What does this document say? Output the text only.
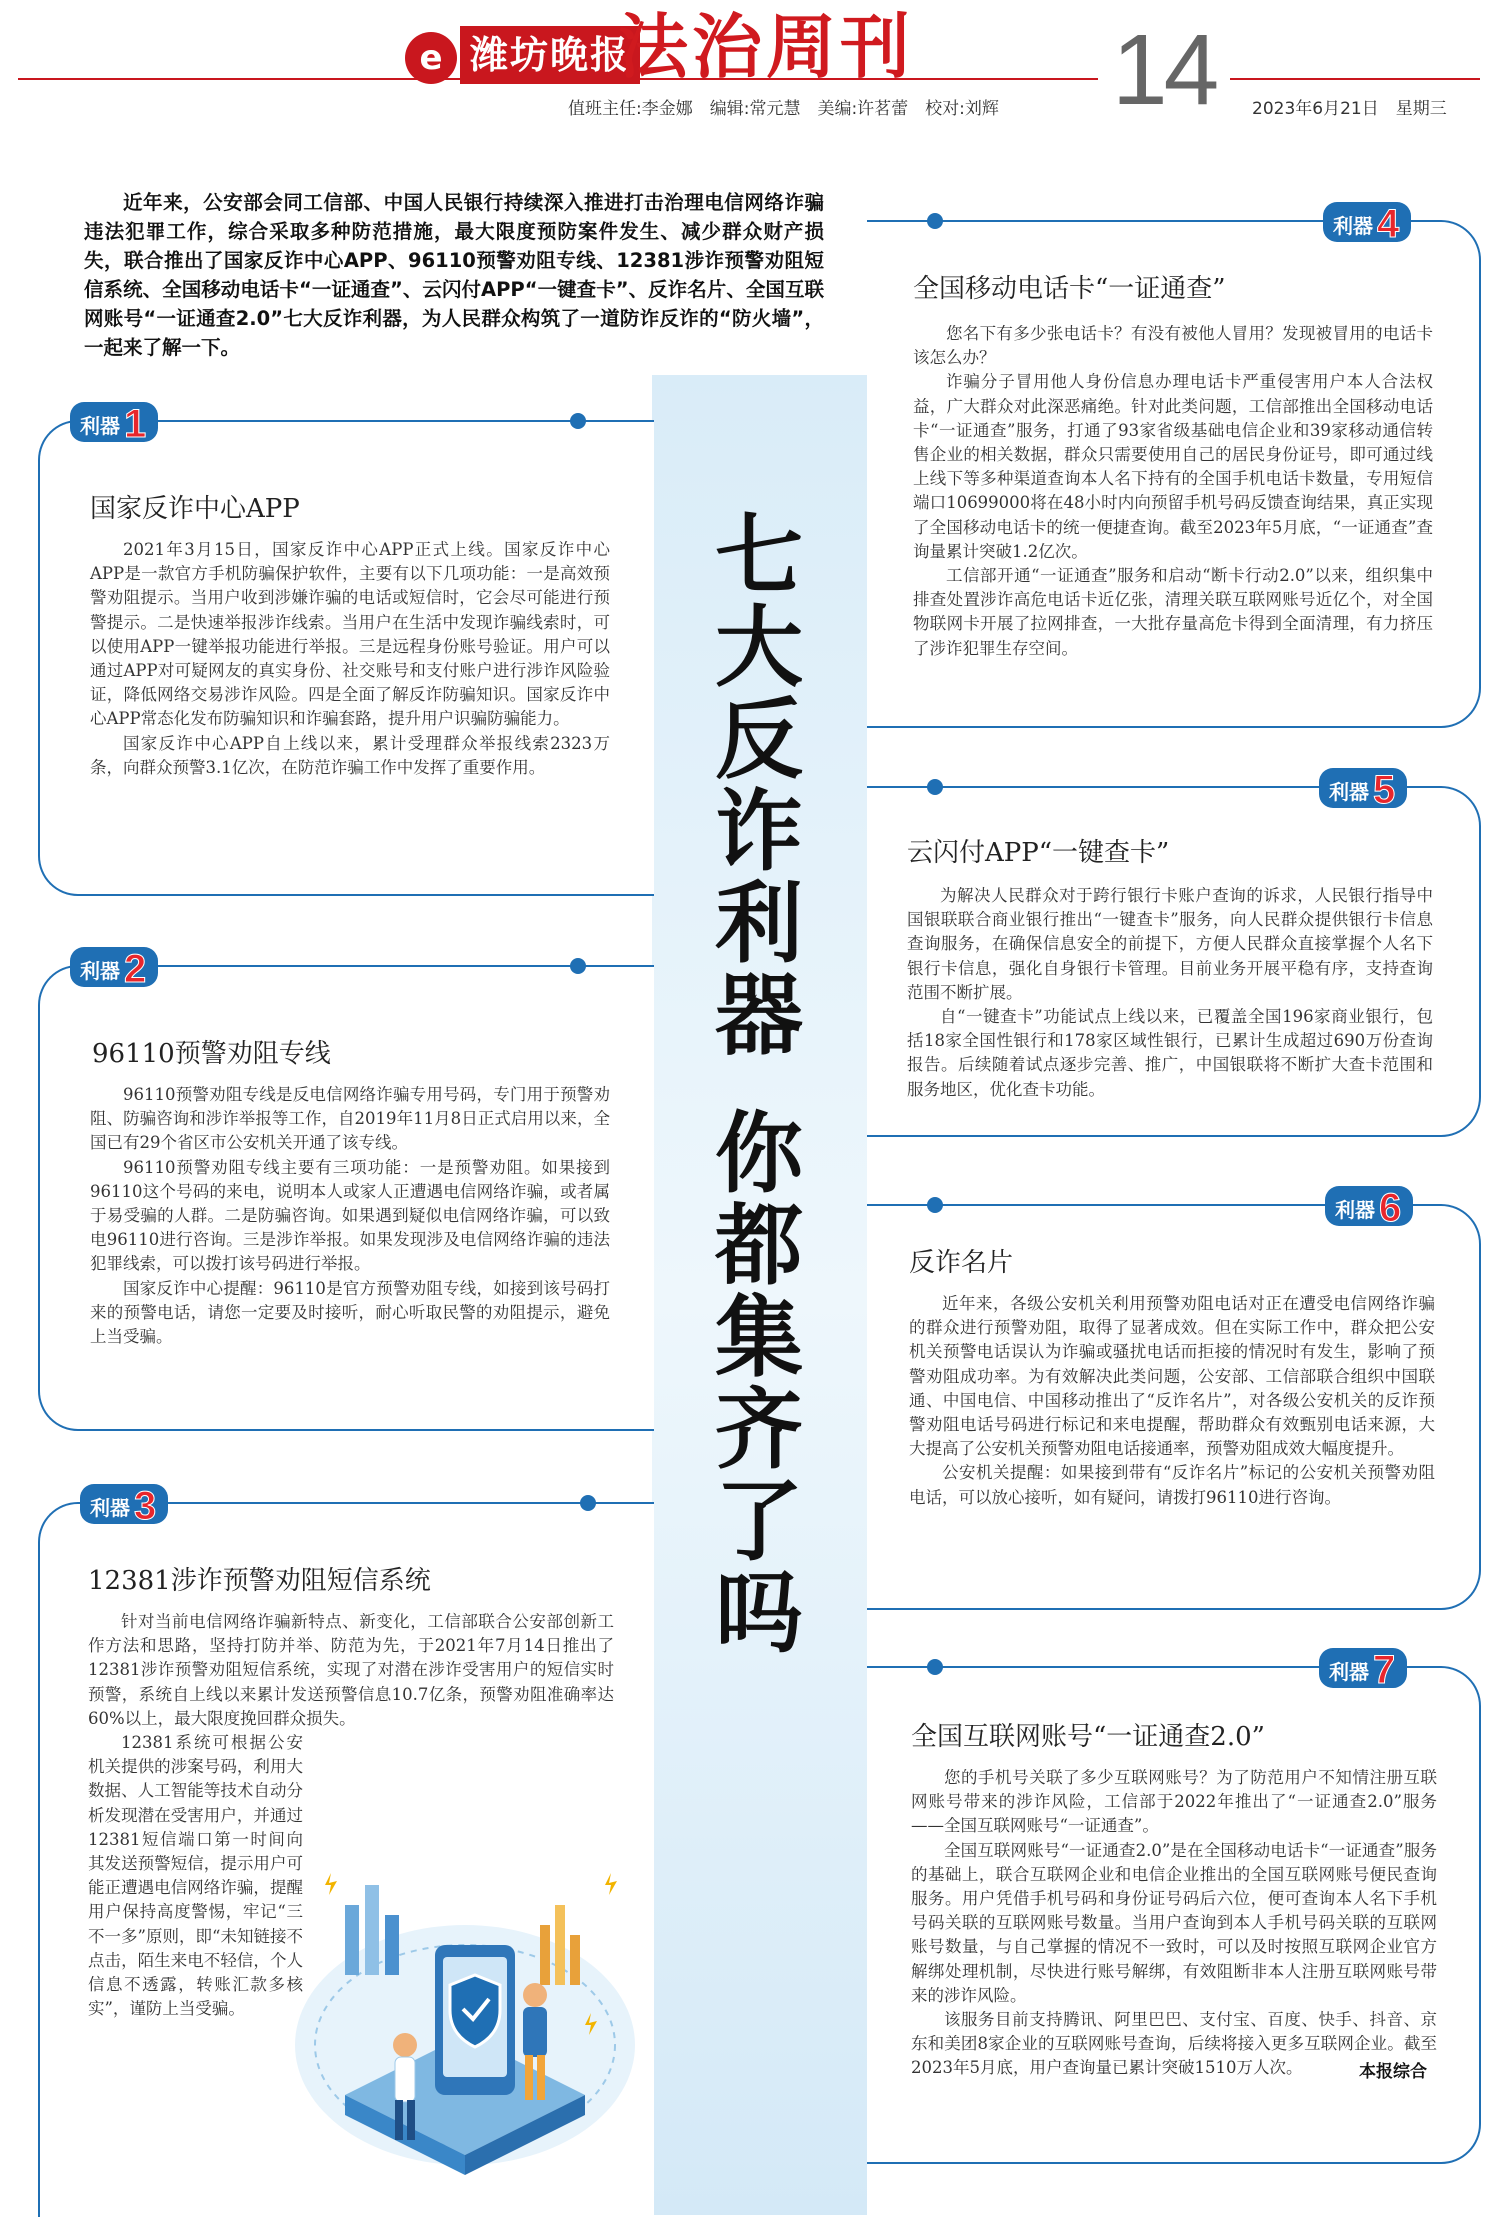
e 潍坊晚报
法治周刊 14
值班主任:李金娜　编辑:常元慧　美编:许茗蕾　校对:刘辉	2023年6月21日　星期三

近年来，公安部会同工信部、中国人民银行持续深入推进打击治理电信网络诈骗违法犯罪工作，综合采取多种防范措施，最大限度预防案件发生、减少群众财产损失，联合推出了国家反诈中心APP、96110预警劝阻专线、12381涉诈预警劝阻短信系统、全国移动电话卡“一证通查”、云闪付APP“一键查卡”、反诈名片、全国互联网账号“一证通查2.0”七大反诈利器，为人民群众构筑了一道防诈反诈的“防火墙”，一起来了解一下。

七
大
反
诈
利
器
你
都
集
齐
了
吗
利器 1
国家反诈中心APP

2021年3月15日，国家反诈中心APP正式上线。国家反诈中心APP是一款官方手机防骗保护软件，主要有以下几项功能：一是高效预警劝阻提示。当用户收到涉嫌诈骗的电话或短信时，它会尽可能进行预警提示。二是快速举报涉诈线索。当用户在生活中发现诈骗线索时，可以使用APP一键举报功能进行举报。三是远程身份账号验证。用户可以通过APP对可疑网友的真实身份、社交账号和支付账户进行涉诈风险验证，降低网络交易涉诈风险。四是全面了解反诈防骗知识。国家反诈中心APP常态化发布防骗知识和诈骗套路，提升用户识骗防骗能力。

国家反诈中心APP自上线以来，累计受理群众举报线索2323万条，向群众预警3.1亿次，在防范诈骗工作中发挥了重要作用。

利器 2
96110预警劝阻专线

96110预警劝阻专线是反电信网络诈骗专用号码，专门用于预警劝阻、防骗咨询和涉诈举报等工作，自2019年11月8日正式启用以来，全国已有29个省区市公安机关开通了该专线。

96110预警劝阻专线主要有三项功能：一是预警劝阻。如果接到96110这个号码的来电，说明本人或家人正遭遇电信网络诈骗，或者属于易受骗的人群。二是防骗咨询。如果遇到疑似电信网络诈骗，可以致电96110进行咨询。三是涉诈举报。如果发现涉及电信网络诈骗的违法犯罪线索，可以拨打该号码进行举报。

国家反诈中心提醒：96110是官方预警劝阻专线，如接到该号码打来的预警电话，请您一定要及时接听，耐心听取民警的劝阻提示，避免上当受骗。

利器 3
12381涉诈预警劝阻短信系统

针对当前电信网络诈骗新特点、新变化，工信部联合公安部创新工作方法和思路，坚持打防并举、防范为先，于2021年7月14日推出了12381涉诈预警劝阻短信系统，实现了对潜在涉诈受害用户的短信实时预警，系统自上线以来累计发送预警信息10.7亿条，预警劝阻准确率达60%以上，最大限度挽回群众损失。

12381系统可根据公安机关提供的涉案号码，利用大数据、人工智能等技术自动分析发现潜在受害用户，并通过12381短信端口第一时间向其发送预警短信，提示用户可能正遭遇电信网络诈骗，提醒用户保持高度警惕，牢记“三不一多”原则，即“未知链接不点击，陌生来电不轻信，个人信息不透露，转账汇款多核实”，谨防上当受骗。

利器 4
全国移动电话卡“一证通查”

您名下有多少张电话卡？有没有被他人冒用？发现被冒用的电话卡该怎么办？

诈骗分子冒用他人身份信息办理电话卡严重侵害用户本人合法权益，广大群众对此深恶痛绝。针对此类问题，工信部推出全国移动电话卡“一证通查”服务，打通了93家省级基础电信企业和39家移动通信转售企业的相关数据，群众只需要使用自己的居民身份证号，即可通过线上线下等多种渠道查询本人名下持有的全国手机电话卡数量，专用短信端口10699000将在48小时内向预留手机号码反馈查询结果，真正实现了全国移动电话卡的统一便捷查询。截至2023年5月底，“一证通查”查询量累计突破1.2亿次。

工信部开通“一证通查”服务和启动“断卡行动2.0”以来，组织集中排查处置涉诈高危电话卡近亿张，清理关联互联网账号近亿个，对全国物联网卡开展了拉网排查，一大批存量高危卡得到全面清理，有力挤压了涉诈犯罪生存空间。

利器 5
云闪付APP“一键查卡”

为解决人民群众对于跨行银行卡账户查询的诉求，人民银行指导中国银联联合商业银行推出“一键查卡”服务，向人民群众提供银行卡信息查询服务，在确保信息安全的前提下，方便人民群众直接掌握个人名下银行卡信息，强化自身银行卡管理。目前业务开展平稳有序，支持查询范围不断扩展。

自“一键查卡”功能试点上线以来，已覆盖全国196家商业银行，包括18家全国性银行和178家区域性银行，已累计生成超过690万份查询报告。后续随着试点逐步完善、推广，中国银联将不断扩大查卡范围和服务地区，优化查卡功能。

利器 6
反诈名片

近年来，各级公安机关利用预警劝阻电话对正在遭受电信网络诈骗的群众进行预警劝阻，取得了显著成效。但在实际工作中，群众把公安机关预警电话误认为诈骗或骚扰电话而拒接的情况时有发生，影响了预警劝阻成功率。为有效解决此类问题，公安部、工信部联合组织中国联通、中国电信、中国移动推出了“反诈名片”，对各级公安机关的反诈预警劝阻电话号码进行标记和来电提醒，帮助群众有效甄别电话来源，大大提高了公安机关预警劝阻电话接通率，预警劝阻成效大幅度提升。

公安机关提醒：如果接到带有“反诈名片”标记的公安机关预警劝阻电话，可以放心接听，如有疑问，请拨打96110进行咨询。

利器 7
全国互联网账号“一证通查2.0”

您的手机号关联了多少互联网账号？为了防范用户不知情注册互联网账号带来的涉诈风险，工信部于2022年推出了“一证通查2.0”服务——全国互联网账号“一证通查”。

全国互联网账号“一证通查2.0”是在全国移动电话卡“一证通查”服务的基础上，联合互联网企业和电信企业推出的全国互联网账号便民查询服务。用户凭借手机号码和身份证号码后六位，便可查询本人名下手机号码关联的互联网账号数量。当用户查询到本人手机号码关联的互联网账号数量，与自己掌握的情况不一致时，可以及时按照互联网企业官方解绑处理机制，尽快进行账号解绑，有效阻断非本人注册互联网账号带来的涉诈风险。

该服务目前支持腾讯、阿里巴巴、支付宝、百度、快手、抖音、京东和美团8家企业的互联网账号查询，后续将接入更多互联网企业。截至2023年5月底，用户查询量已累计突破1510万人次。	本报综合
